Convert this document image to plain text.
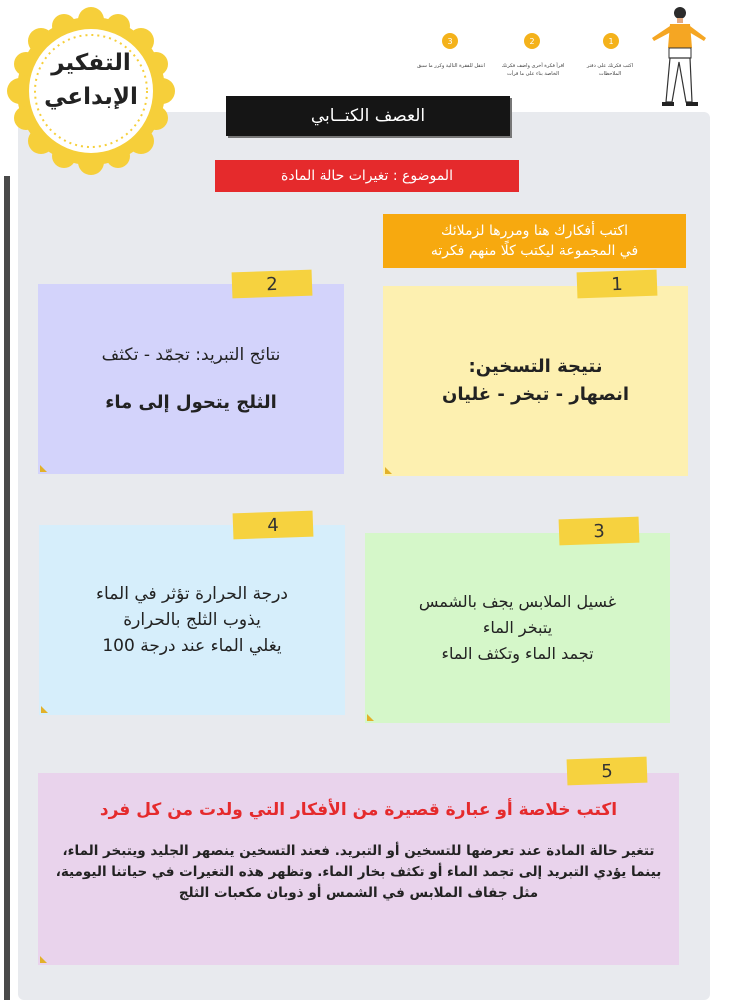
التفكير
الإبداعي
3
انتقل للفقرة التالية وكرر ما سبق
2
اقرأ فكرة أخرى واضف فكرتك الخاصة بناء على ما قرأت
1
اكتب فكرتك على دفتر الملاحظات
العصف الكتــابي
الموضوع : تغيرات حالة المادة
اكتب أفكارك هنا ومررها لزملائك
في المجموعة ليكتب كلًا منهم فكرته
نتيجة التسخين:
انصهار - تبخر - غليان
1
نتائج التبريد: تجمّد - تكثف
الثلج يتحول إلى ماء
2
غسيل الملابس يجف بالشمس
يتبخر الماء
تجمد الماء وتكثف الماء
3
درجة الحرارة تؤثر في الماء
يذوب الثلج بالحرارة
يغلي الماء عند درجة 100
4
اكتب خلاصة أو عبارة قصيرة من الأفكار التي ولدت من كل فرد
تتغير حالة المادة عند تعرضها للتسخين أو التبريد. فعند التسخين ينصهر الجليد ويتبخر الماء، بينما يؤدي التبريد إلى تجمد الماء أو تكثف بخار الماء. وتظهر هذه التغيرات في حياتنا اليومية، مثل جفاف الملابس في الشمس أو ذوبان مكعبات الثلج
5
